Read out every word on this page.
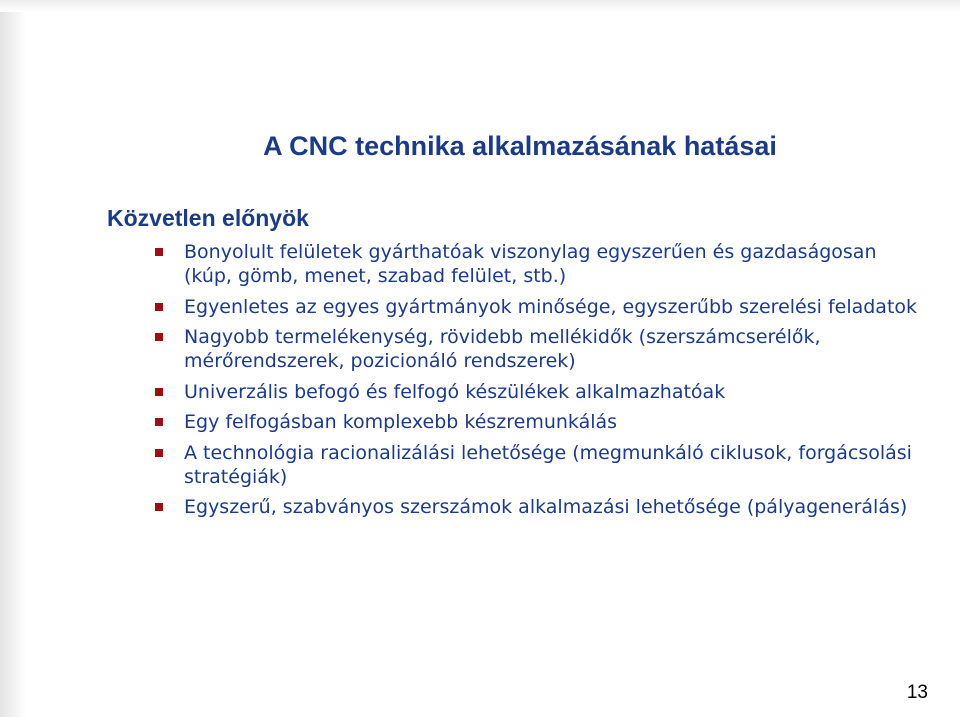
A CNC technika alkalmazásának hatásai
Közvetlen előnyök
Bonyolult felületek gyárthatóak viszonylag egyszerűen és gazdaságosan (kúp, gömb, menet, szabad felület, stb.)
Egyenletes az egyes gyártmányok minősége, egyszerűbb szerelési feladatok
Nagyobb termelékenység, rövidebb mellékidők (szerszámcserélők, mérőrendszerek, pozicionáló rendszerek)
Univerzális befogó és felfogó készülékek alkalmazhatóak
Egy felfogásban komplexebb készremunkálás
A technológia racionalizálási lehetősége (megmunkáló ciklusok, forgácsolási stratégiák)
Egyszerű, szabványos szerszámok alkalmazási lehetősége (pályagenerálás)
13
